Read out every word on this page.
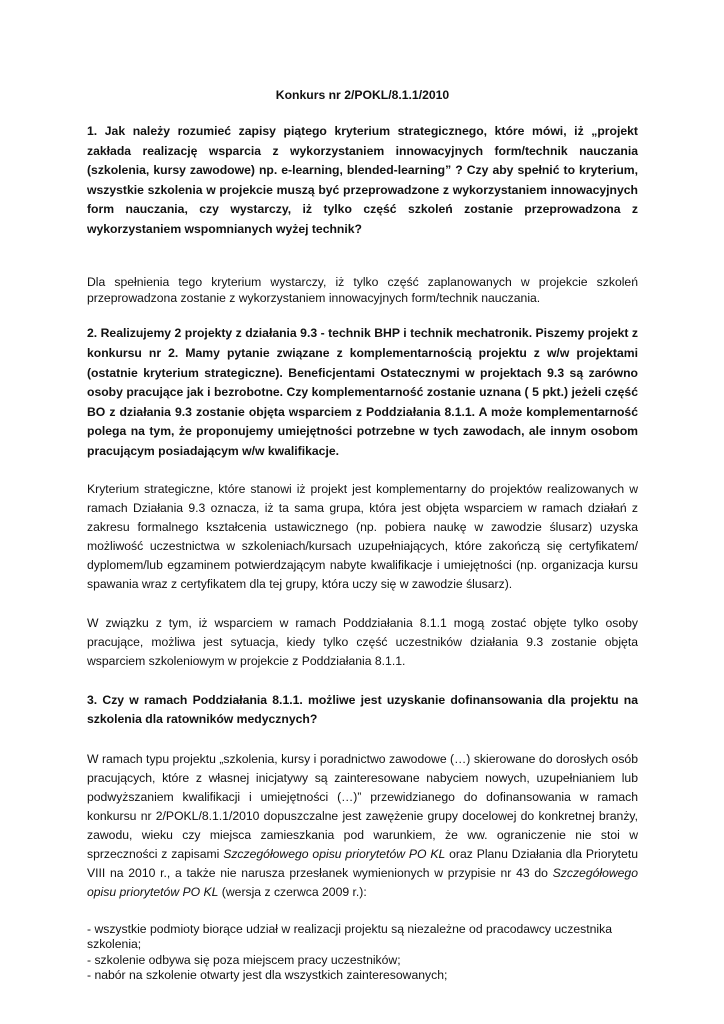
Konkurs nr 2/POKL/8.1.1/2010

1. Jak należy rozumieć zapisy piątego kryterium strategicznego, które mówi, iż „projekt zakłada realizację wsparcia z wykorzystaniem innowacyjnych form/technik nauczania (szkolenia, kursy zawodowe) np. e-learning, blended-learning” ? Czy aby spełnić to kryterium, wszystkie szkolenia w projekcie muszą być przeprowadzone z wykorzystaniem innowacyjnych form nauczania, czy wystarczy, iż tylko część szkoleń zostanie przeprowadzona z wykorzystaniem wspomnianych wyżej technik?

Dla spełnienia tego kryterium wystarczy, iż tylko część zaplanowanych w projekcie szkoleń przeprowadzona zostanie z wykorzystaniem innowacyjnych form/technik nauczania.

2. Realizujemy 2 projekty z działania 9.3 - technik BHP i technik mechatronik. Piszemy projekt z konkursu nr 2. Mamy pytanie związane z komplementarnością projektu z w/w projektami (ostatnie kryterium strategiczne). Beneficjentami Ostatecznymi w projektach 9.3 są zarówno osoby pracujące jak i bezrobotne. Czy komplementarność zostanie uznana ( 5 pkt.) jeżeli część BO z działania 9.3 zostanie objęta wsparciem z Poddziałania 8.1.1. A może komplementarność polega na tym, że proponujemy umiejętności potrzebne w tych zawodach, ale innym osobom pracującym posiadającym w/w kwalifikacje.

Kryterium strategiczne, które stanowi iż projekt jest komplementarny do projektów realizowanych w ramach Działania 9.3 oznacza, iż ta sama grupa, która jest objęta wsparciem w ramach działań z zakresu formalnego kształcenia ustawicznego (np. pobiera naukę w zawodzie ślusarz) uzyska możliwość uczestnictwa w szkoleniach/kursach uzupełniających, które zakończą się certyfikatem/ dyplomem/lub egzaminem potwierdzającym nabyte kwalifikacje i umiejętności (np. organizacja kursu spawania wraz z certyfikatem dla tej grupy, która uczy się w zawodzie ślusarz).

W związku z tym, iż wsparciem w ramach Poddziałania 8.1.1 mogą zostać objęte tylko osoby pracujące, możliwa jest sytuacja, kiedy tylko część uczestników działania 9.3 zostanie objęta wsparciem szkoleniowym w projekcie z Poddziałania 8.1.1.

3. Czy w ramach Poddziałania 8.1.1. możliwe jest uzyskanie dofinansowania dla projektu na szkolenia dla ratowników medycznych?

W ramach typu projektu „szkolenia, kursy i poradnictwo zawodowe (…) skierowane do dorosłych osób pracujących, które z własnej inicjatywy są zainteresowane nabyciem nowych, uzupełnianiem lub podwyższaniem kwalifikacji i umiejętności (…)” przewidzianego do dofinansowania w ramach konkursu nr 2/POKL/8.1.1/2010 dopuszczalne jest zawężenie grupy docelowej do konkretnej branży, zawodu, wieku czy miejsca zamieszkania pod warunkiem, że ww. ograniczenie nie stoi w sprzeczności z zapisami Szczegółowego opisu priorytetów PO KL oraz Planu Działania dla Priorytetu VIII na 2010 r., a także nie narusza przesłanek wymienionych w przypisie nr 43 do Szczegółowego opisu priorytetów PO KL (wersja z czerwca 2009 r.):

- wszystkie podmioty biorące udział w realizacji projektu są niezależne od pracodawcy uczestnika szkolenia;

- szkolenie odbywa się poza miejscem pracy uczestników;

- nabór na szkolenie otwarty jest dla wszystkich zainteresowanych;
